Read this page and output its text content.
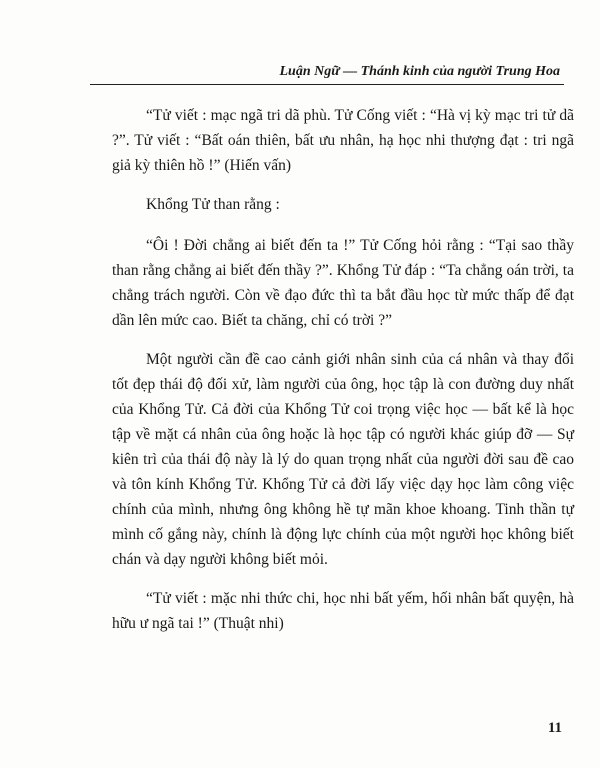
Luận Ngữ — Thánh kinh của người Trung Hoa

“Tử viết : mạc ngã tri dã phù. Tử Cống viết : “Hà vị kỳ mạc tri tử dã ?”. Tử viết : “Bất oán thiên, bất ưu nhân, hạ học nhi thượng đạt : tri ngã giả kỳ thiên hồ !” (Hiến vấn)

Khổng Tử than rằng :

“Ôi ! Đời chẳng ai biết đến ta !” Tử Cống hỏi rằng : “Tại sao thầy than rằng chẳng ai biết đến thầy ?”. Khổng Tử đáp : “Ta chẳng oán trời, ta chẳng trách người. Còn về đạo đức thì ta bắt đầu học từ mức thấp để đạt dần lên mức cao. Biết ta chăng, chỉ có trời ?”

Một người cần đề cao cảnh giới nhân sinh của cá nhân và thay đổi tốt đẹp thái độ đối xử, làm người của ông, học tập là con đường duy nhất của Khổng Tử. Cả đời của Khổng Tử coi trọng việc học — bất kể là học tập về mặt cá nhân của ông hoặc là học tập có người khác giúp đỡ — Sự kiên trì của thái độ này là lý do quan trọng nhất của người đời sau đề cao và tôn kính Khổng Tử. Khổng Tử cả đời lấy việc dạy học làm công việc chính của mình, nhưng ông không hề tự mãn khoe khoang. Tinh thần tự mình cố gắng này, chính là động lực chính của một người học không biết chán và dạy người không biết mỏi.

“Tử viết : mặc nhi thức chi, học nhi bất yếm, hối nhân bất quyện, hà hữu ư ngã tai !” (Thuật nhi)

11
